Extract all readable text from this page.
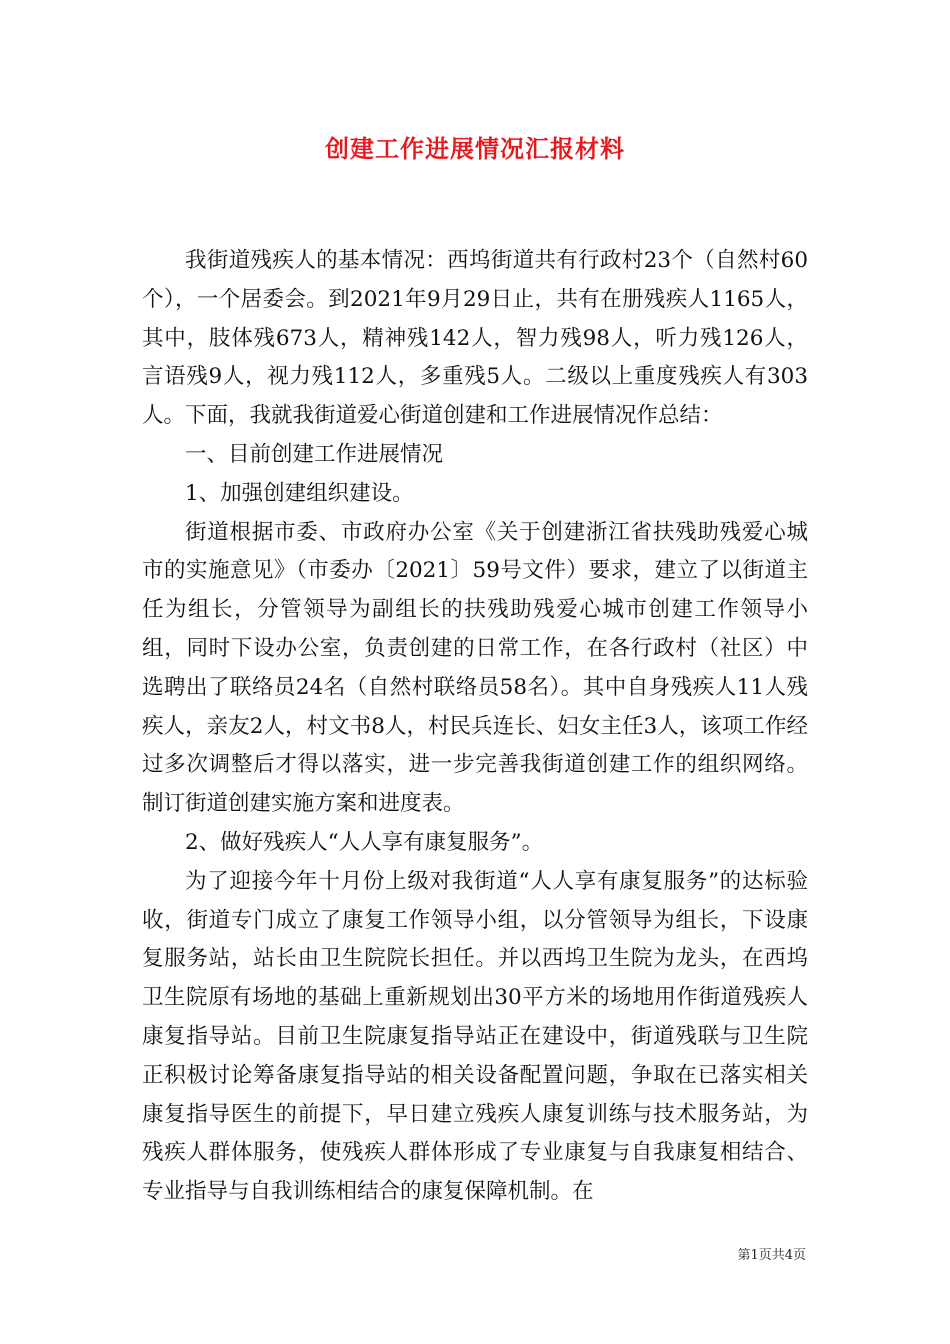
创建工作进展情况汇报材料

我街道残疾人的基本情况：西坞街道共有行政村23个（自然村60个），一个居委会。到2021年9月29日止，共有在册残疾人1165人，其中，肢体残673人，精神残142人，智力残98人，听力残126人，言语残9人，视力残112人，多重残5人。二级以上重度残疾人有303人。下面，我就我街道爱心街道创建和工作进展情况作总结：

一、目前创建工作进展情况

1、加强创建组织建设。

街道根据市委、市政府办公室《关于创建浙江省扶残助残爱心城市的实施意见》（市委办〔2021〕59号文件）要求，建立了以街道主任为组长，分管领导为副组长的扶残助残爱心城市创建工作领导小组，同时下设办公室，负责创建的日常工作，在各行政村（社区）中选聘出了联络员24名（自然村联络员58名）。其中自身残疾人11人残疾人，亲友2人，村文书8人，村民兵连长、妇女主任3人，该项工作经过多次调整后才得以落实，进一步完善我街道创建工作的组织网络。制订街道创建实施方案和进度表。

2、做好残疾人“人人享有康复服务”。

为了迎接今年十月份上级对我街道“人人享有康复服务”的达标验收，街道专门成立了康复工作领导小组，以分管领导为组长，下设康复服务站，站长由卫生院院长担任。并以西坞卫生院为龙头，在西坞卫生院原有场地的基础上重新规划出30平方米的场地用作街道残疾人康复指导站。目前卫生院康复指导站正在建设中，街道残联与卫生院正积极讨论筹备康复指导站的相关设备配置问题，争取在已落实相关康复指导医生的前提下，早日建立残疾人康复训练与技术服务站，为残疾人群体服务，使残疾人群体形成了专业康复与自我康复相结合、专业指导与自我训练相结合的康复保障机制。在

第1页共4页
